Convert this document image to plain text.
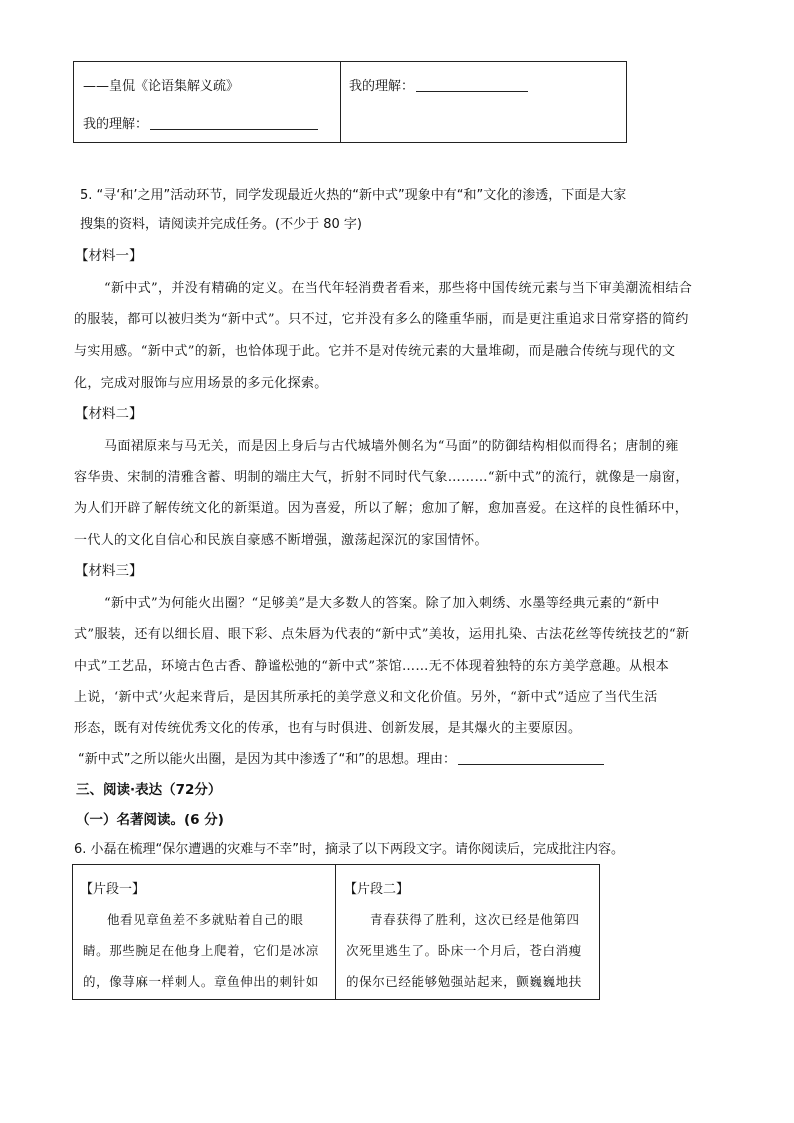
——皇侃《论语集解义疏》
我的理解：
我的理解：
5. “寻‘和’之用”活动环节，同学发现最近火热的“新中式”现象中有“和”文化的渗透，下面是大家
搜集的资料，请阅读并完成任务。(不少于 80 字)
【材料一】
“新中式”，并没有精确的定义。在当代年轻消费者看来，那些将中国传统元素与当下审美潮流相结合
的服装，都可以被归类为“新中式”。只不过，它并没有多么的隆重华丽，而是更注重追求日常穿搭的简约
与实用感。“新中式”的新，也恰体现于此。它并不是对传统元素的大量堆砌，而是融合传统与现代的文
化，完成对服饰与应用场景的多元化探索。
【材料二】
马面裙原来与马无关，而是因上身后与古代城墙外侧名为“马面”的防御结构相似而得名；唐制的雍
容华贵、宋制的清雅含蓄、明制的端庄大气，折射不同时代气象………“新中式”的流行，就像是一扇窗，
为人们开辟了解传统文化的新渠道。因为喜爱，所以了解；愈加了解，愈加喜爱。在这样的良性循环中，
一代人的文化自信心和民族自豪感不断增强，激荡起深沉的家国情怀。
【材料三】
“新中式”为何能火出圈？“足够美”是大多数人的答案。除了加入刺绣、水墨等经典元素的“新中
式”服装，还有以细长眉、眼下彩、点朱唇为代表的“新中式”美妆，运用扎染、古法花丝等传统技艺的“新
中式”工艺品，环境古色古香、静谧松弛的“新中式”茶馆……无不体现着独特的东方美学意趣。从根本
上说，‘新中式’火起来背后，是因其所承托的美学意义和文化价值。另外，“新中式”适应了当代生活
形态，既有对传统优秀文化的传承，也有与时俱进、创新发展，是其爆火的主要原因。
“新中式”之所以能火出圈，是因为其中渗透了“和”的思想。理由：
三、阅读·表达（72分）
（一）名著阅读。(6 分)
6. 小磊在梳理“保尔遭遇的灾难与不幸”时，摘录了以下两段文字。请你阅读后，完成批注内容。
【片段一】
他看见章鱼差不多就贴着自己的眼
睛。那些腕足在他身上爬着，它们是冰凉
的，像荨麻一样刺人。章鱼伸出的刺针如
【片段二】
青春获得了胜利，这次已经是他第四
次死里逃生了。卧床一个月后，苍白消瘦
的保尔已经能够勉强站起来，颤巍巍地扶
